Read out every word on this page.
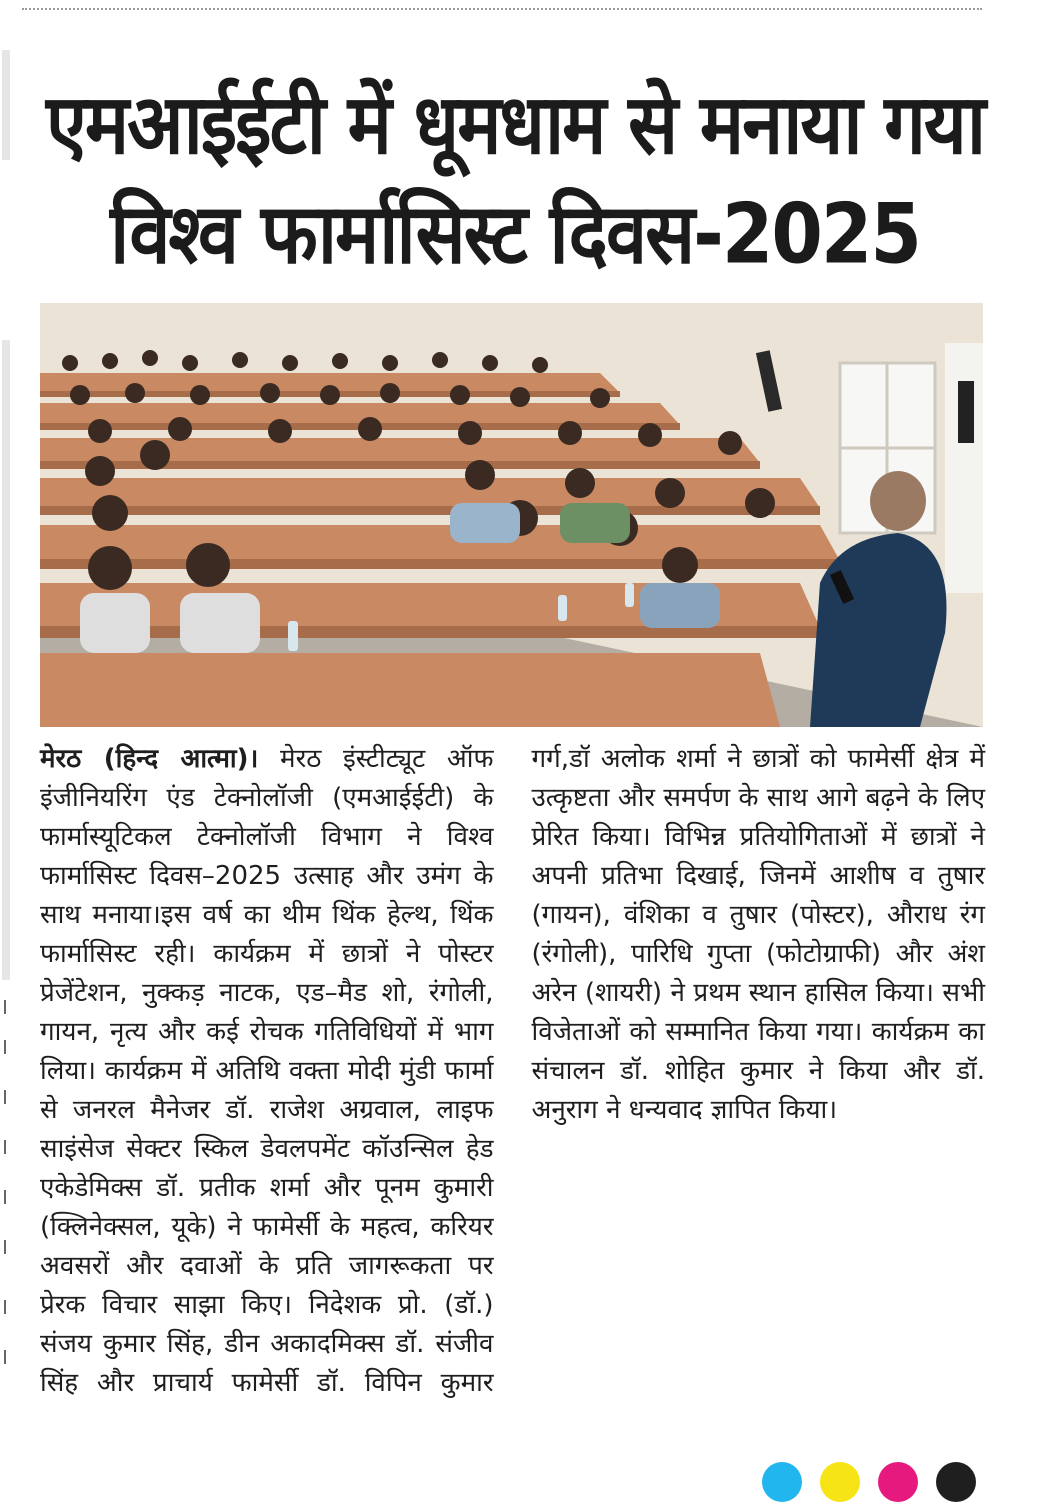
एमआईईटी में धूमधाम से मनाया गया विश्व फार्मासिस्ट दिवस-2025

मेरठ (हिन्द आत्मा)। मेरठ इंस्टीट्यूट ऑफ इंजीनियरिंग एंड टेक्नोलॉजी (एमआईईटी) के फार्मास्यूटिकल टेक्नोलॉजी विभाग ने विश्व फार्मासिस्ट दिवस–2025 उत्साह और उमंग के साथ मनाया।इस वर्ष का थीम थिंक हेल्थ, थिंक फार्मासिस्ट रही। कार्यक्रम में छात्रों ने पोस्टर प्रेजेंटेशन, नुक्कड़ नाटक, एड–मैड शो, रंगोली, गायन, नृत्य और कई रोचक गतिविधियों में भाग लिया। कार्यक्रम में अतिथि वक्ता मोदी मुंडी फार्मा से जनरल मैनेजर डॉ. राजेश अग्रवाल, लाइफ साइंसेज सेक्टर स्किल डेवलपमेंट कॉउन्सिल हेड एकेडेमिक्स डॉ. प्रतीक शर्मा और पूनम कुमारी (क्लिनेक्सल, यूके) ने फामेर्सी के महत्व, करियर अवसरों और दवाओं के प्रति जागरूकता पर प्रेरक विचार साझा किए। निदेशक प्रो. (डॉ.) संजय कुमार सिंह, डीन अकादमिक्स डॉ. संजीव सिंह और प्राचार्य फामेर्सी डॉ. विपिन कुमार गर्ग,डॉ अलोक शर्मा ने छात्रों को फामेर्सी क्षेत्र में उत्कृष्टता और समर्पण के साथ आगे बढ़ने के लिए प्रेरित किया। विभिन्न प्रतियोगिताओं में छात्रों ने अपनी प्रतिभा दिखाई, जिनमें आशीष व तुषार (गायन), वंशिका व तुषार (पोस्टर), औराध रंग (रंगोली), पारिधि गुप्ता (फोटोग्राफी) और अंश अरेन (शायरी) ने प्रथम स्थान हासिल किया। सभी विजेताओं को सम्मानित किया गया। कार्यक्रम का संचालन डॉ. शोहित कुमार ने किया और डॉ. अनुराग ने धन्यवाद ज्ञापित किया।
